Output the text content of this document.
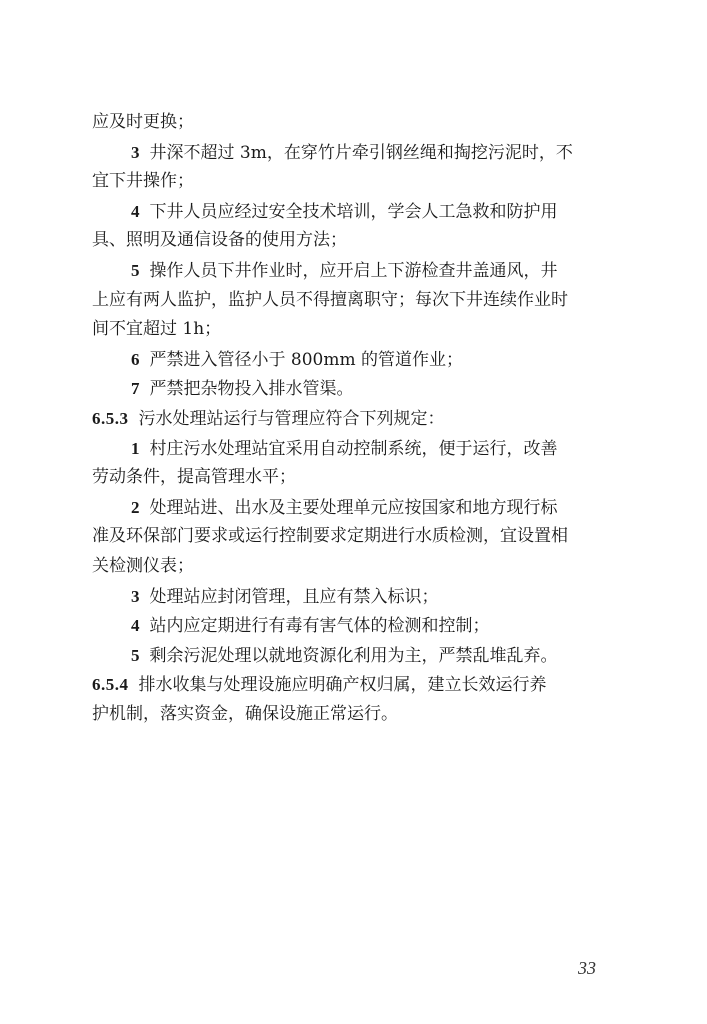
应及时更换；
3 井深不超过 3m，在穿竹片牵引钢丝绳和掏挖污泥时，不
宜下井操作；
4 下井人员应经过安全技术培训，学会人工急救和防护用
具、照明及通信设备的使用方法；
5 操作人员下井作业时，应开启上下游检查井盖通风，井
上应有两人监护，监护人员不得擅离职守；每次下井连续作业时
间不宜超过 1h；
6 严禁进入管径小于 800mm 的管道作业；
7 严禁把杂物投入排水管渠。
6.5.3 污水处理站运行与管理应符合下列规定：
1 村庄污水处理站宜采用自动控制系统，便于运行，改善
劳动条件，提高管理水平；
2 处理站进、出水及主要处理单元应按国家和地方现行标
准及环保部门要求或运行控制要求定期进行水质检测，宜设置相
关检测仪表；
3 处理站应封闭管理，且应有禁入标识；
4 站内应定期进行有毒有害气体的检测和控制；
5 剩余污泥处理以就地资源化利用为主，严禁乱堆乱弃。
6.5.4 排水收集与处理设施应明确产权归属，建立长效运行养
护机制，落实资金，确保设施正常运行。
33
